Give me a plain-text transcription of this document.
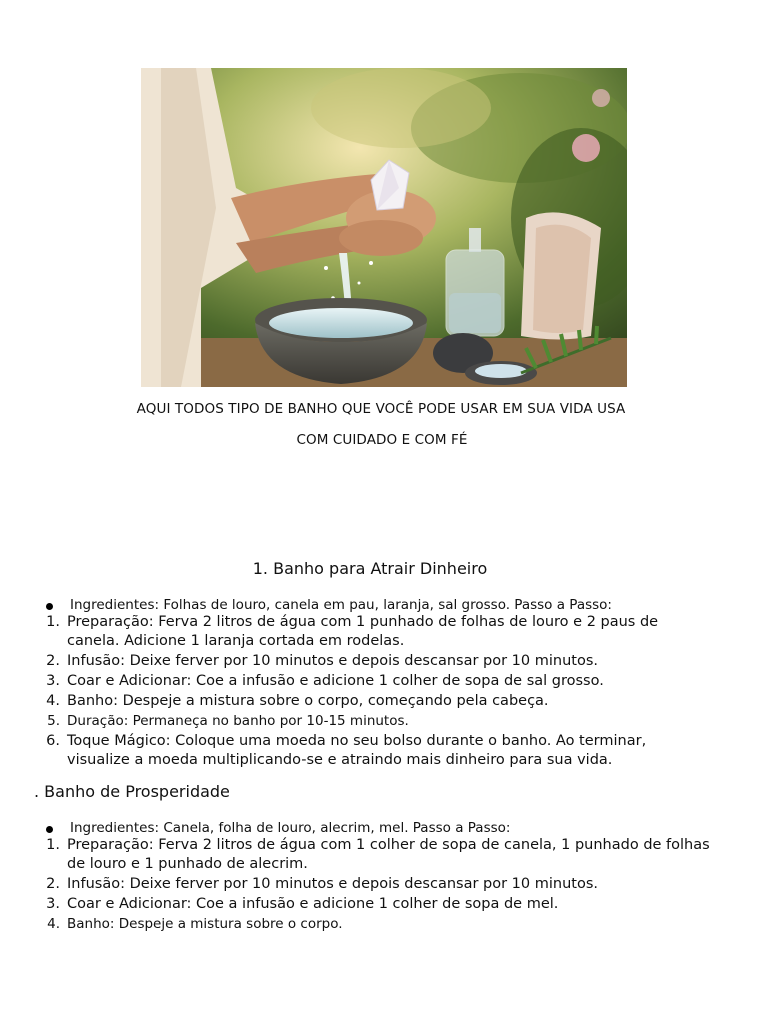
AQUI TODOS TIPO DE BANHO QUE VOCÊ PODE USAR EM SUA VIDA USA
COM CUIDADO E COM FÉ
1. Banho para Atrair Dinheiro
Ingredientes: Folhas de louro, canela em pau, laranja, sal grosso. Passo a Passo:
1. Preparação: Ferva 2 litros de água com 1 punhado de folhas de louro e 2 paus de canela. Adicione 1 laranja cortada em rodelas.
2. Infusão: Deixe ferver por 10 minutos e depois descansar por 10 minutos.
3. Coar e Adicionar: Coe a infusão e adicione 1 colher de sopa de sal grosso.
4. Banho: Despeje a mistura sobre o corpo, começando pela cabeça.
5. Duração: Permaneça no banho por 10-15 minutos.
6. Toque Mágico: Coloque uma moeda no seu bolso durante o banho. Ao terminar, visualize a moeda multiplicando-se e atraindo mais dinheiro para sua vida.
. Banho de Prosperidade
Ingredientes: Canela, folha de louro, alecrim, mel. Passo a Passo:
1. Preparação: Ferva 2 litros de água com 1 colher de sopa de canela, 1 punhado de folhas de louro e 1 punhado de alecrim.
2. Infusão: Deixe ferver por 10 minutos e depois descansar por 10 minutos.
3. Coar e Adicionar: Coe a infusão e adicione 1 colher de sopa de mel.
4. Banho: Despeje a mistura sobre o corpo.
